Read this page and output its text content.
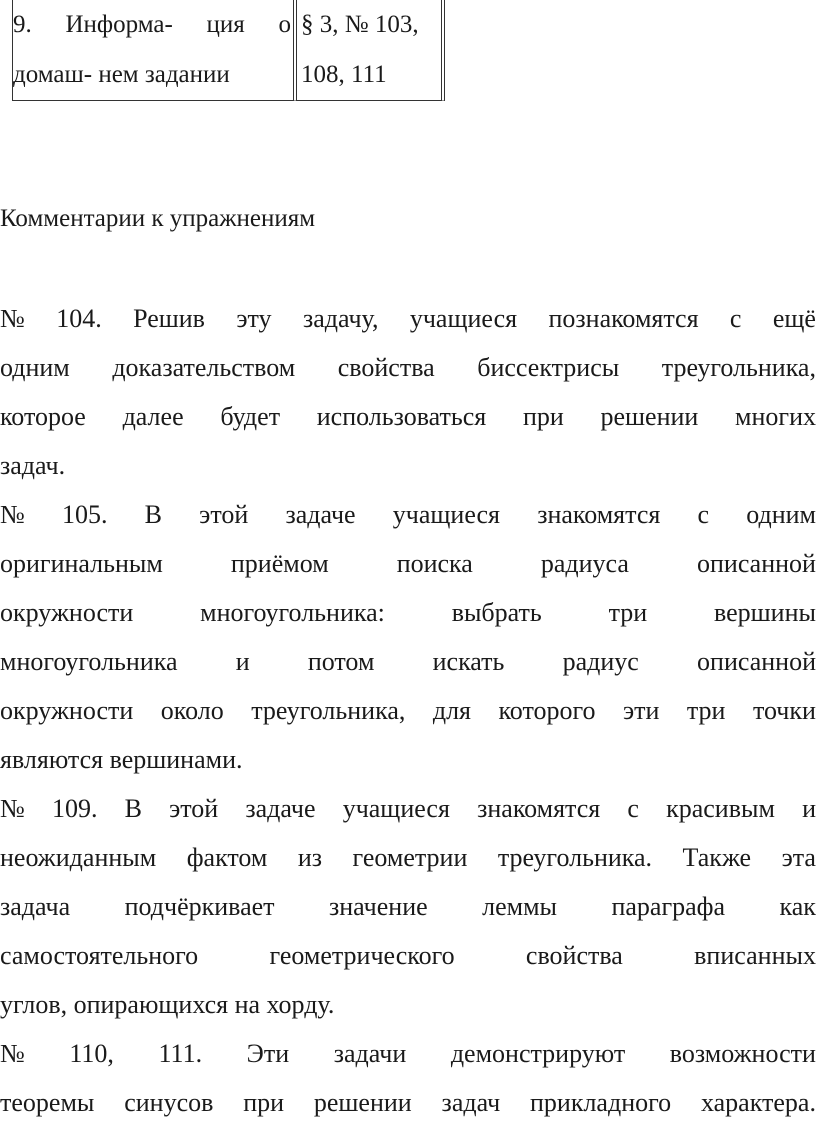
9. Информа- ция о
домаш- нем задании

§ 3, № 103,
108, 111
Комментарии к упражнениям
№ 104. Решив эту задачу, учащиеся познакомятся с ещё
одним доказательством свойства биссектрисы треугольника,
которое далее будет использоваться при решении многих
задач.
№ 105. В этой задаче учащиеся знакомятся с одним
оригинальным	приёмом	поиска	радиуса	описанной
окружности	многоугольника:	выбрать	три	вершины
многоугольника и потом искать радиус описанной
окружности около треугольника, для которого эти три точки
являются вершинами.
№ 109. В этой задаче учащиеся знакомятся с красивым и
неожиданным фактом из геометрии треугольника. Также эта
задача подчёркивает значение леммы параграфа как
самостоятельного	геометрического	свойства	вписанных
углов, опирающихся на хорду.
№ 110, 111. Эти задачи демонстрируют возможности
теоремы синусов при решении задач прикладного характера.
